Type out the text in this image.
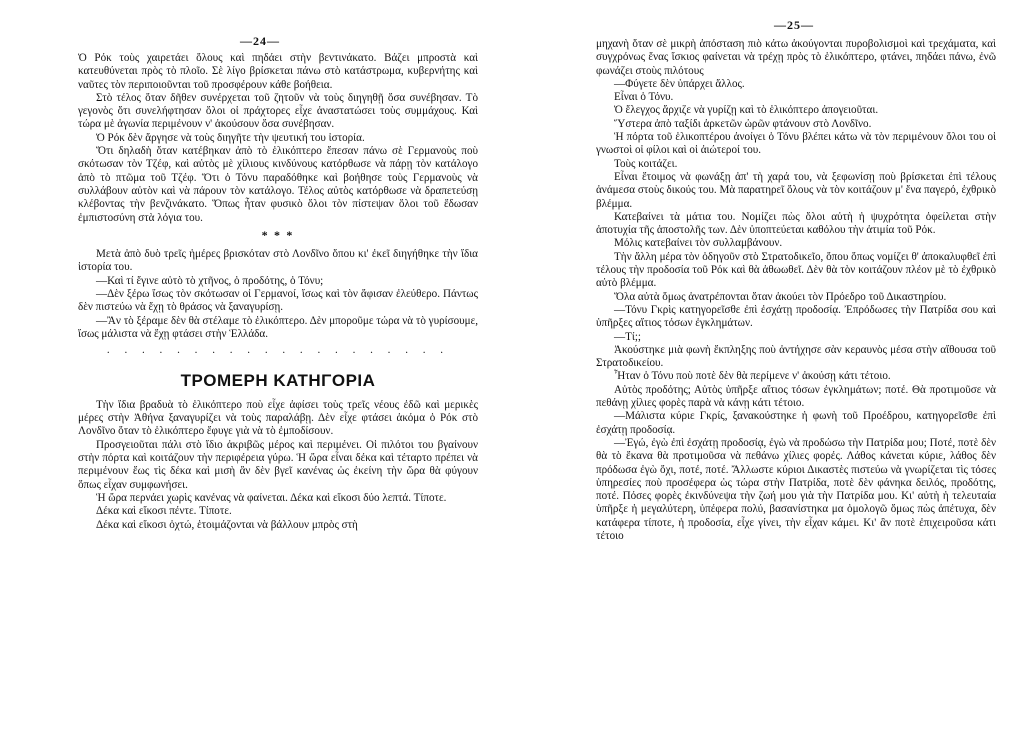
—24—

Ὁ Ρόκ τοὺς χαιρετάει ὅλους καὶ πηδάει στὴν βεντινάκατο. Βάζει μπροστὰ καὶ κατευθύνεται πρὸς τὸ πλοῖο. Σὲ λίγο βρίσκεται πάνω στὸ κατάστρωμα, κυβερνήτης καὶ ναῦτες τὸν περιποιοῦνται τοῦ προσφέρουν κάθε βοήθεια.

Στὸ τέλος ὅταν δῆθεν συνέρχεται τοῦ ζητοῦν νὰ τοὺς διηγηθῇ ὅσα συνέβησαν. Τὸ γεγονὸς ὅτι συνελήφτησαν ὅλοι οἱ πράχτορες εἶχε ἀναστατώσει τοὺς συμμάχους. Καὶ τώρα μὲ ἀγωνία περιμένουν ν' ἀκούσουν ὅσα συνέβησαν.

Ὁ Ρόκ δὲν ἄργησε νὰ τοὺς διηγῆτε τὴν ψευτική του ἱστορία.

Ὅτι δηλαδὴ ὅταν κατέβηκαν ἀπὸ τὸ ἑλικόπτερο ἔπεσαν πάνω σὲ Γερμανοὺς ποὺ σκότωσαν τὸν Τζέφ, καὶ αὐτὸς μὲ χίλιους κινδύνους κατόρθωσε νὰ πάρῃ τὸν κατάλογο ἀπὸ τὸ πτῶμα τοῦ Τζέφ. Ὅτι ὁ Τόνυ παραδόθηκε καὶ βοήθησε τοὺς Γερμανοὺς νὰ συλλάβουν αὐτὸν καὶ νὰ πάρουν τὸν κατάλογο. Τέλος αὐτὸς κατόρθωσε νὰ δραπετεύσῃ κλέβοντας τὴν βενζινάκατο. Ὅπως ἦταν φυσικὸ ὅλοι τὸν πίστεψαν ὅλοι τοῦ ἔδωσαν ἐμπιστοσύνη στὰ λόγια του.

* * *

Μετὰ ἀπὸ δυὸ τρεῖς ἡμέρες βρισκόταν στὸ Λονδῖνο ὅπου κι' ἐκεῖ διηγήθηκε τὴν ἴδια ἱστορία του.

—Καὶ τί ἔγινε αὐτὸ τὸ χτῆνος, ὁ προδότης, ὁ Τόνυ;

—Δὲν ξέρω ἴσως τὸν σκότωσαν οἱ Γερμανοί, ἴσως καὶ τὸν ἄφισαν ἐλεύθερο. Πάντως δὲν πιστεύω νὰ ἔχῃ τὸ θράσος νὰ ξαναγυρίσῃ.

—Ἂν τὸ ξέραμε δὲν θὰ στέλαμε τὸ ἑλικόπτερο. Δὲν μποροῦμε τώρα νὰ τὸ γυρίσουμε, ἴσως μάλιστα νὰ ἔχῃ φτάσει στὴν Ἑλλάδα.

. . . . . . . . . . . . . . . . . . . .
ΤΡΟΜΕΡΗ ΚΑΤΗΓΟΡΙΑ

Τὴν ἴδια βραδυὰ τὸ ἑλικόπτερο ποὺ εἶχε ἀφίσει τοὺς τρεῖς νέους ἐδῶ καὶ μερικὲς μέρες στὴν Ἀθήνα ξαναγυρίζει νὰ τοὺς παραλάβῃ. Δὲν εἶχε φτάσει ἀκόμα ὁ Ρόκ στὸ Λονδῖνο ὅταν τὸ ἑλικόπτερο ἔφυγε γιὰ νὰ τὸ ἐμποδίσουν.

Προσγειοῦται πάλι στὸ ἴδιο ἀκριβῶς μέρος καὶ περιμένει. Οἱ πιλότοι του βγαίνουν στὴν πόρτα καὶ κοιτάζουν τὴν περιφέρεια γύρω. Ἡ ὥρα εἶναι δέκα καὶ τέταρτο πρέπει νὰ περιμένουν ἕως τὶς δέκα καὶ μισὴ ἂν δὲν βγεῖ κανένας ὡς ἐκείνη τὴν ὥρα θὰ φύγουν ὅπως εἶχαν συμφωνήσει.

Ἡ ὥρα περνάει χωρὶς κανένας νὰ φαίνεται. Δέκα καὶ εἴκοσι δύο λεπτά. Τίποτε.

Δέκα καὶ εἴκοσι πέντε. Τίποτε.

Δέκα καὶ εἴκοσι ὀχτώ, ἑτοιμάζονται νὰ βάλλουν μπρὸς στὴ

—25—

μηχανὴ ὅταν σὲ μικρὴ ἀπόσταση πιὸ κάτω ἀκούγονται πυροβολισμοὶ καὶ τρεχάματα, καὶ συγχρόνως ἕνας ἴσκιος φαίνεται νὰ τρέχῃ πρὸς τὸ ἑλικόπτερο, φτάνει, πηδάει πάνω, ἐνῶ φωνάζει στοὺς πιλότους

—Φύγετε δὲν ὑπάρχει ἄλλος.

Εἶναι ὁ Τόνυ.

Ὁ ἔλεγχος ἄρχιζε νὰ γυρίζῃ καὶ τὸ ἑλικόπτερο ἀπογειοῦται.

Ὕστερα ἀπὸ ταξίδι ἀρκετῶν ὡρῶν φτάνουν στὸ Λονδῖνο.

Ἡ πόρτα τοῦ ἑλικοπτέρου ἀνοίγει ὁ Τόνυ βλέπει κάτω νὰ τὸν περιμένουν ὅλοι του οἱ γνωστοὶ οἱ φίλοι καὶ οἱ ἀιώτεροί του.

Τοὺς κοιτάζει.

Εἶναι ἕτοιμος νὰ φωνάξῃ ἀπ' τὴ χαρά του, νὰ ξεφωνίσῃ ποὺ βρίσκεται ἐπὶ τέλους ἀνάμεσα στοὺς δικούς του. Μὰ παρατηρεῖ ὅλους νὰ τὸν κοιτάζουν μ' ἕνα παγερό, ἐχθρικὸ βλέμμα.

Κατεβαίνει τὰ μάτια του. Νομίζει πὼς ὅλοι αὐτὴ ἡ ψυχρότητα ὀφείλεται στὴν ἀποτυχία τῆς ἀποστολῆς των. Δὲν ὑποπτεύεται καθόλου τὴν ἀτιμία τοῦ Ρόκ.

Μόλις κατεβαίνει τὸν συλλαμβάνουν.

Τὴν ἄλλη μέρα τὸν ὁδηγοῦν στὸ Στρατοδικεῖο, ὅπου ὅπως νομίζει θ' ἀποκαλυφθεῖ ἐπὶ τέλους τὴν προδοσία τοῦ Ρόκ καὶ θὰ ἀθωωθεῖ. Δὲν θὰ τὸν κοιτάζουν πλέον μὲ τὸ ἐχθρικὸ αὐτὸ βλέμμα.

Ὅλα αὐτὰ ὅμως ἀνατρέπονται ὅταν ἀκούει τὸν Πρόεδρο τοῦ Δικαστηρίου.

—Τόνυ Γκρὶς κατηγορεῖσθε ἐπὶ ἐσχάτῃ προδοσίᾳ. Ἐπρόδωσες τὴν Πατρίδα σου καὶ ὑπῆρξες αἴτιος τόσων ἐγκλημάτων.

—Τί;;

Ἀκούστηκε μιὰ φωνὴ ἔκπληξης ποὺ ἀντήχησε σὰν κεραυνὸς μέσα στὴν αἴθουσα τοῦ Στρατοδικείου.

Ἦταν ὁ Τόνυ ποὺ ποτὲ δὲν θὰ περίμενε ν' ἀκούσῃ κάτι τέτοιο.

Αὐτὸς προδότης; Αὐτὸς ὑπῆρξε αἴτιος τόσων ἐγκλημάτων; ποτέ. Θὰ προτιμοῦσε νὰ πεθάνῃ χίλιες φορὲς παρὰ νὰ κάνῃ κάτι τέτοιο.

—Μάλιστα κύριε Γκρίς, ξανακούστηκε ἡ φωνὴ τοῦ Προέδρου, κατηγορεῖσθε ἐπὶ ἐσχάτῃ προδοσίᾳ.

—Ἐγώ, ἐγὼ ἐπὶ ἐσχάτῃ προδοσίᾳ, ἐγὼ νὰ προδώσω τὴν Πατρίδα μου; Ποτέ, ποτὲ δὲν θὰ τὸ ἔκανα θὰ προτιμοῦσα νὰ πεθάνω χίλιες φορές. Λάθος κάνεται κύριε, λάθος δὲν πρόδωσα ἐγὼ ὄχι, ποτέ, ποτέ. Ἄλλωστε κύριοι Δικαστὲς πιστεύω νὰ γνωρίζεται τὶς τόσες ὑπηρεσίες ποὺ προσέφερα ὡς τώρα στὴν Πατρίδα, ποτὲ δὲν φάνηκα δειλός, προδότης, ποτέ. Πόσες φορὲς ἐκινδύνεψα τὴν ζωή μου γιὰ τὴν Πατρίδα μου. Κι' αὐτὴ ἡ τελευταία ὑπῆρξε ἡ μεγαλύτερη, ὑπέφερα πολύ, βασανίστηκα μα ὁμολογῶ ὅμως πὼς ἀπέτυχα, δὲν κατάφερα τίποτε, ἡ προδοσία, εἶχε γίνει, τὴν εἶχαν κάμει. Κι' ἂν ποτὲ ἐπιχειροῦσα κάτι τέτοιο
